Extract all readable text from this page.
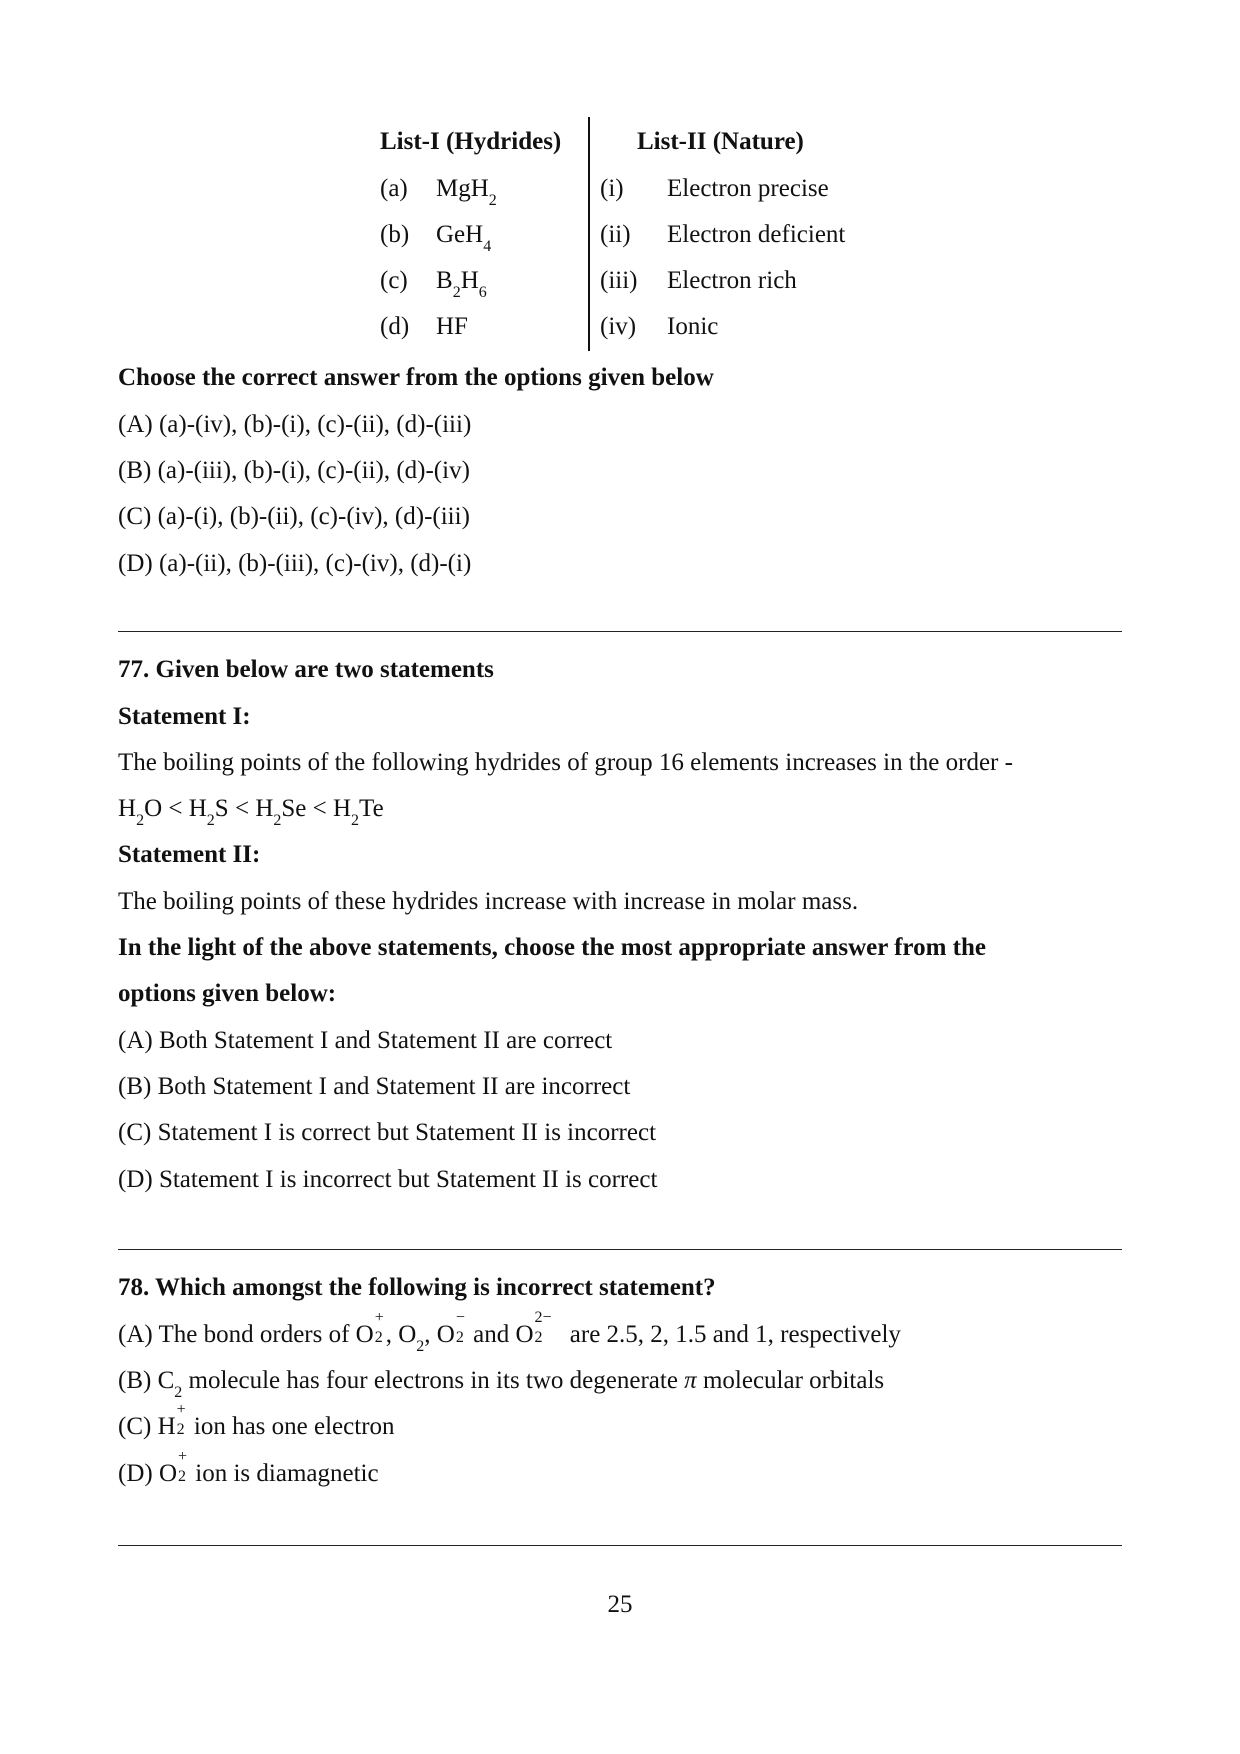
List-I (Hydrides)	List-II (Nature)
(a) MgH$_2$
(b) GeH$_4$
(c) $B_2H_6$
(d) HF
(i) Electron precise
(ii) Electron deficient
(iii) Electron rich
(iv) Ionic
Choose the correct answer from the options given below
(A) (a)-(iv), (b)-(i), (c)-(ii), (d)-(iii)
(B) (a)-(iii), (b)-(i), (c)-(ii), (d)-(iv)
(C) (a)-(i), (b)-(ii), (c)-(iv), (d)-(iii)
(D) (a)-(ii), (b)-(iii), (c)-(iv), (d)-(i)
77. Given below are two statements
Statement I:
The boiling points of the following hydrides of group 16 elements increases in the order -
$H_2O < H_2S < H_2Se < H_2Te$
Statement II:
The boiling points of these hydrides increase with increase in molar mass.
In the light of the above statements, choose the most appropriate answer from the
options given below:
(A) Both Statement I and Statement II are correct
(B) Both Statement I and Statement II are incorrect
(C) Statement I is correct but Statement II is incorrect
(D) Statement I is incorrect but Statement II is correct
78. Which amongst the following is incorrect statement?
(A) The bond orders of O
+
2 , $O_2$, O
−
2 and O
2−
2 are 2.5, 2, 1.5 and 1, respectively
(B) $C_2$ molecule has four electrons in its two degenerate π molecular orbitals
(C) H
+
2 ion has one electron
(D) O
+
2 ion is diamagnetic
25
